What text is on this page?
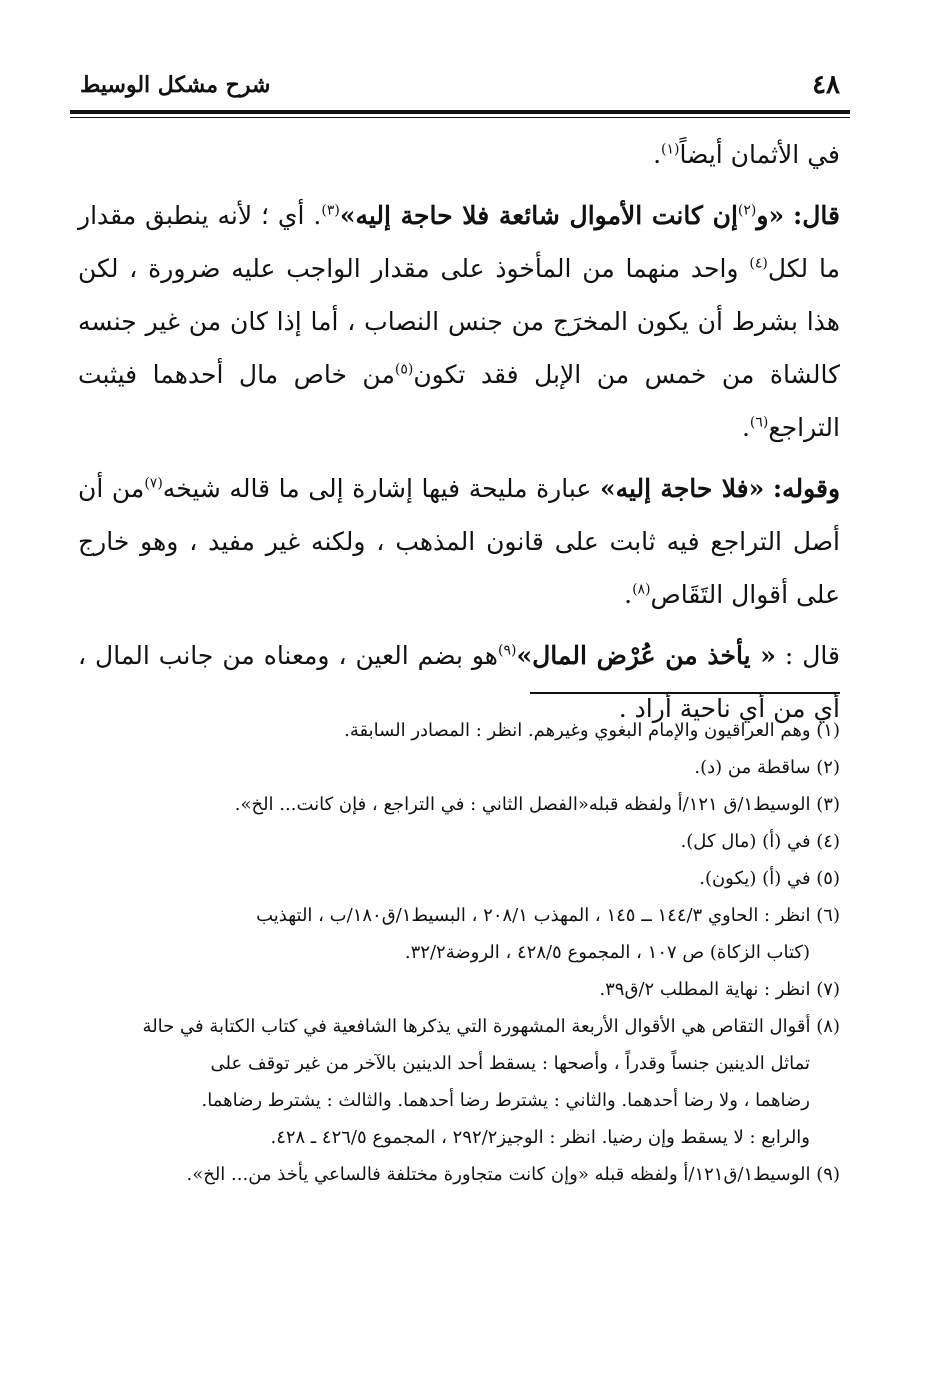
٤٨
شرح مشكل الوسيط

في الأثمان أيضاً$^{(١)}$.

قال: «و$^{(٢)}$إن كانت الأموال شائعة فلا حاجة إليه»$^{(٣)}$. أي ؛ لأنه ينطبق مقدار ما لكل$^{(٤)}$ واحد منهما من المأخوذ على مقدار الواجب عليه ضرورة ، لكن هذا بشرط أن يكون المخرَج من جنس النصاب ، أما إذا كان من غير جنسه كالشاة من خمس من الإبل فقد تكون$^{(٥)}$من خاص مال أحدهما فيثبت التراجع$^{(٦)}$.

وقوله: «فلا حاجة إليه» عبارة مليحة فيها إشارة إلى ما قاله شيخه$^{(٧)}$من أن أصل التراجع فيه ثابت على قانون المذهب ، ولكنه غير مفيد ، وهو خارج على أقوال التَقَاص$^{(٨)}$.

قال : « يأخذ من عُرْض المال»$^{(٩)}$هو بضم العين ، ومعناه من جانب المال ، أي من أي ناحية أراد .

(١) وهم العراقيون والإمام البغوي وغيرهم. انظر : المصادر السابقة.

(٢) ساقطة من (د).

(٣) الوسيط١/ق ١٢١/أ ولفظه قبله«الفصل الثاني : في التراجع ، فإن كانت... الخ».

(٤) في (أ) (مال كل).

(٥) في (أ) (يكون).

(٦) انظر : الحاوي ١٤٤/٣ ــ ١٤٥ ، المهذب ٢٠٨/١ ، البسيط١/ق١٨٠/ب ، التهذيب

(كتاب الزكاة) ص ١٠٧ ، المجموع ٤٢٨/٥ ، الروضة٣٢/٢.

(٧) انظر : نهاية المطلب ٢/ق٣٩.

(٨) أقوال التقاص هي الأقوال الأربعة المشهورة التي يذكرها الشافعية في كتاب الكتابة في حالة

تماثل الدينين جنساً وقدراً ، وأصحها : يسقط أحد الدينين بالآخر من غير توقف على

رضاهما ، ولا رضا أحدهما. والثاني : يشترط رضا أحدهما. والثالث : يشترط رضاهما.

والرابع : لا يسقط وإن رضيا. انظر : الوجيز٢٩٢/٢ ، المجموع ٤٢٦/٥ ـ ٤٢٨.

(٩) الوسيط١/ق١٢١/أ ولفظه قبله «وإن كانت متجاورة مختلفة فالساعي يأخذ من... الخ».
